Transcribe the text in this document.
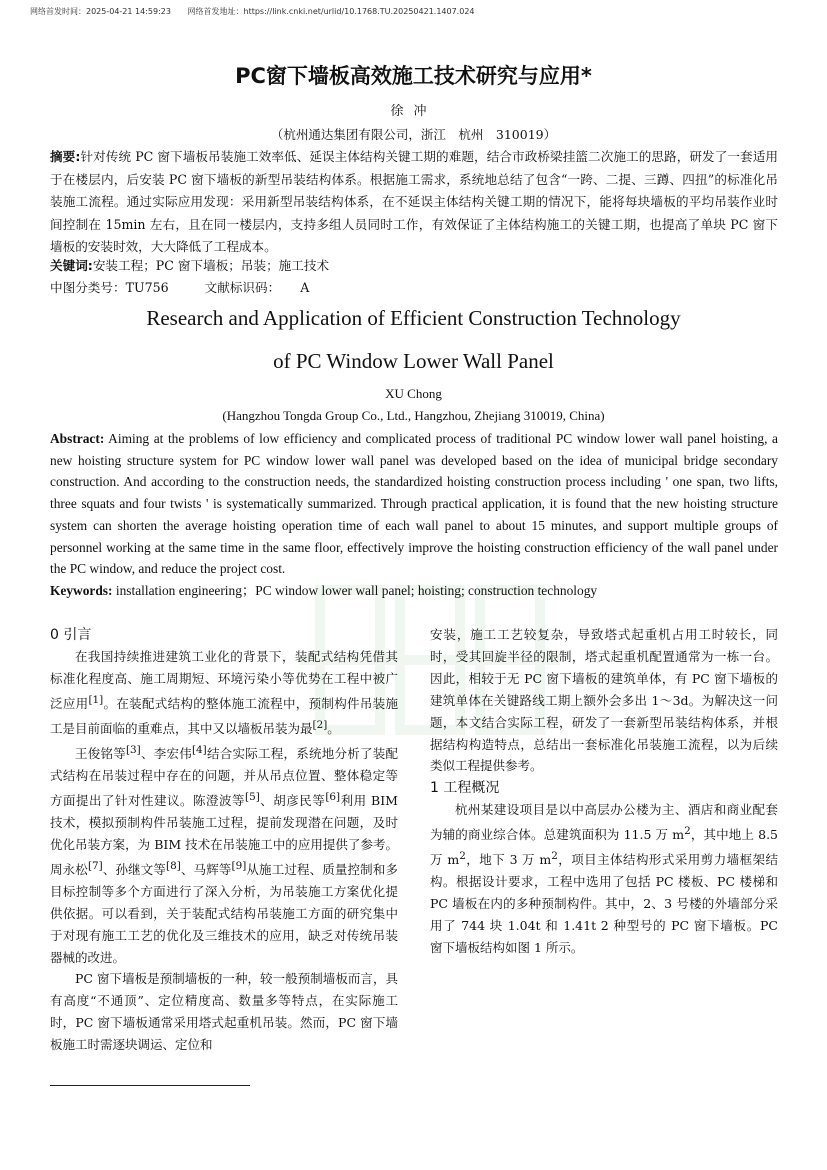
网络首发时间：2025-04-21 14:59:23 网络首发地址：https://link.cnki.net/urlid/10.1768.TU.20250421.1407.024
PC窗下墙板高效施工技术研究与应用*
徐冲
（杭州通达集团有限公司，浙江　杭州　310019）
摘要:针对传统 PC 窗下墙板吊装施工效率低、延误主体结构关键工期的难题，结合市政桥梁挂篮二次施工的思路，研发了一套适用于在楼层内，后安装 PC 窗下墙板的新型吊装结构体系。根据施工需求，系统地总结了包含“一跨、二提、三蹲、四扭”的标准化吊装施工流程。通过实际应用发现：采用新型吊装结构体系，在不延误主体结构关键工期的情况下，能将每块墙板的平均吊装作业时间控制在 15min 左右，且在同一楼层内，支持多组人员同时工作，有效保证了主体结构施工的关键工期，也提高了单块 PC 窗下墙板的安装时效，大大降低了工程成本。
关键词:安装工程；PC 窗下墙板；吊装；施工技术
中图分类号：TU756	文献标识码： A
Research and Application of Efficient Construction Technology
of PC Window Lower Wall Panel
XU Chong
(Hangzhou Tongda Group Co., Ltd., Hangzhou, Zhejiang 310019, China)
Abstract: Aiming at the problems of low efficiency and complicated process of traditional PC window lower wall panel hoisting, a new hoisting structure system for PC window lower wall panel was developed based on the idea of municipal bridge secondary construction. And according to the construction needs, the standardized hoisting construction process including ' one span, two lifts, three squats and four twists ' is systematically summarized. Through practical application, it is found that the new hoisting structure system can shorten the average hoisting operation time of each wall panel to about 15 minutes, and support multiple groups of personnel working at the same time in the same floor, effectively improve the hoisting construction efficiency of the wall panel under the PC window, and reduce the project cost.
Keywords: installation engineering；PC window lower wall panel; hoisting; construction technology
0 引言

在我国持续推进建筑工业化的背景下，装配式结构凭借其标准化程度高、施工周期短、环境污染小等优势在工程中被广泛应用[1]。在装配式结构的整体施工流程中，预制构件吊装施工是目前面临的重难点，其中又以墙板吊装为最[2]。

王俊铭等[3]、李宏伟[4]结合实际工程，系统地分析了装配式结构在吊装过程中存在的问题，并从吊点位置、整体稳定等方面提出了针对性建议。陈澄波等[5]、胡彦民等[6]利用 BIM 技术，模拟预制构件吊装施工过程，提前发现潜在问题，及时优化吊装方案，为 BIM 技术在吊装施工中的应用提供了参考。周永松[7]、孙继文等[8]、马辉等[9]从施工过程、质量控制和多目标控制等多个方面进行了深入分析，为吊装施工方案优化提供依据。可以看到，关于装配式结构吊装施工方面的研究集中于对现有施工工艺的优化及三维技术的应用，缺乏对传统吊装器械的改进。

PC 窗下墙板是预制墙板的一种，较一般预制墙板而言，具有高度“不通顶”、定位精度高、数量多等特点，在实际施工时，PC 窗下墙板通常采用塔式起重机吊装。然而，PC 窗下墙板施工时需逐块调运、定位和

安装，施工工艺较复杂，导致塔式起重机占用工时较长，同时，受其回旋半径的限制，塔式起重机配置通常为一栋一台。因此，相较于无 PC 窗下墙板的建筑单体，有 PC 窗下墙板的建筑单体在关键路线工期上额外会多出 1～3d。为解决这一问题，本文结合实际工程，研发了一套新型吊装结构体系，并根据结构构造特点，总结出一套标准化吊装施工流程，以为后续类似工程提供参考。

1 工程概况

杭州某建设项目是以中高层办公楼为主、酒店和商业配套为辅的商业综合体。总建筑面积为 11.5 万 $m^2$，其中地上 8.5 万 $m^2$，地下 3 万 $m^2$，项目主体结构形式采用剪力墙框架结构。根据设计要求，工程中选用了包括 PC 楼板、PC 楼梯和 PC 墙板在内的多种预制构件。其中，2、3 号楼的外墙部分采用了 744 块 1.04t 和 1.41t 2 种型号的 PC 窗下墙板。PC 窗下墙板结构如图 1 所示。
